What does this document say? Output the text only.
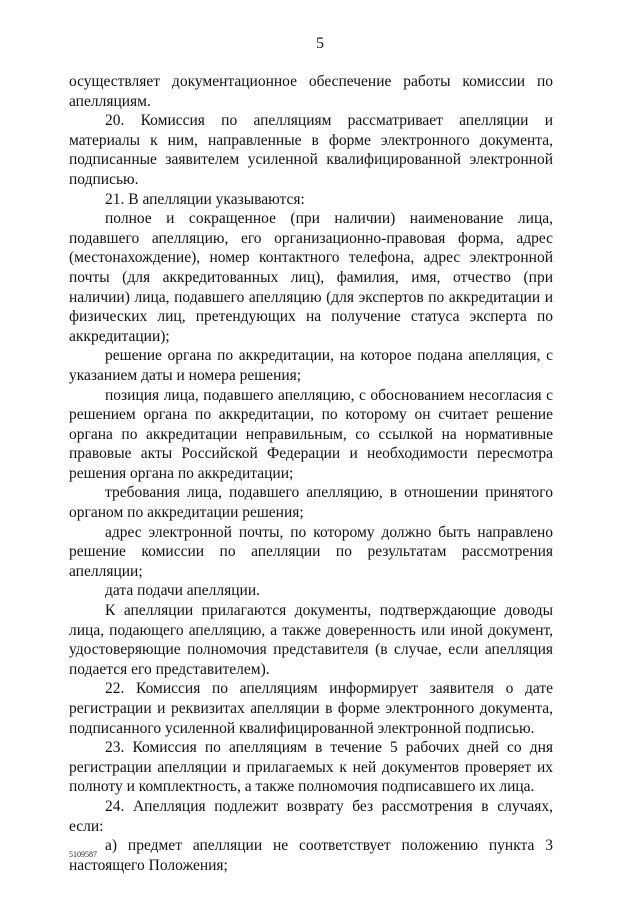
5

осуществляет документационное обеспечение работы комиссии по апелляциям.

20. Комиссия по апелляциям рассматривает апелляции и материалы к ним, направленные в форме электронного документа, подписанные заявителем усиленной квалифицированной электронной подписью.

21. В апелляции указываются:

полное и сокращенное (при наличии) наименование лица, подавшего апелляцию, его организационно-правовая форма, адрес (местонахождение), номер контактного телефона, адрес электронной почты (для аккредитованных лиц), фамилия, имя, отчество (при наличии) лица, подавшего апелляцию (для экспертов по аккредитации и физических лиц, претендующих на получение статуса эксперта по аккредитации);

решение органа по аккредитации, на которое подана апелляция, с указанием даты и номера решения;

позиция лица, подавшего апелляцию, с обоснованием несогласия с решением органа по аккредитации, по которому он считает решение органа по аккредитации неправильным, со ссылкой на нормативные правовые акты Российской Федерации и необходимости пересмотра решения органа по аккредитации;

требования лица, подавшего апелляцию, в отношении принятого органом по аккредитации решения;

адрес электронной почты, по которому должно быть направлено решение комиссии по апелляции по результатам рассмотрения апелляции;

дата подачи апелляции.

К апелляции прилагаются документы, подтверждающие доводы лица, подающего апелляцию, а также доверенность или иной документ, удостоверяющие полномочия представителя (в случае, если апелляция подается его представителем).

22. Комиссия по апелляциям информирует заявителя о дате регистрации и реквизитах апелляции в форме электронного документа, подписанного усиленной квалифицированной электронной подписью.

23. Комиссия по апелляциям в течение 5 рабочих дней со дня регистрации апелляции и прилагаемых к ней документов проверяет их полноту и комплектность, а также полномочия подписавшего их лица.

24. Апелляция подлежит возврату без рассмотрения в случаях, если:

а) предмет апелляции не соответствует положению пункта 3 настоящего Положения;

5109587
